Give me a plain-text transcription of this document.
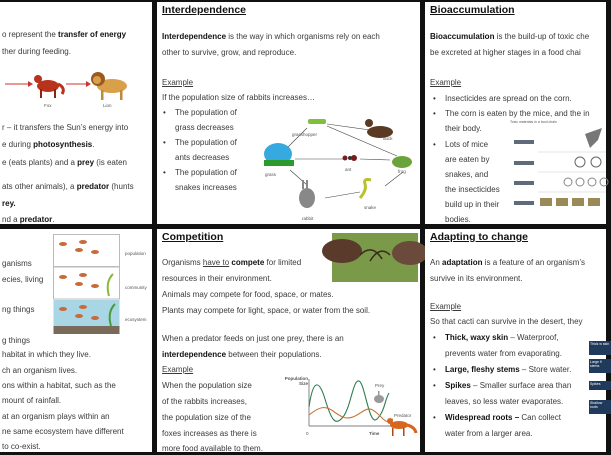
Fox	Lion
o represent the transfer of energy
ther during feeding.
r – it transfers the Sun’s energy into
e during photosynthesis.
e (eats plants) and a prey (is eaten
ats other animals), a predator (hunts
rey.
nd a predator.
Interdependence
grasshopper
duck
grass
ant	frog
rabbit
snake
Interdependence is the way in which organisms rely on each
other to survive, grow, and reproduce.
Example
If the population size of rabbits increases…
• The population of
grass decreases
• The population of
ants decreases
• The population of
snakes increases
Bioaccumulation
Toxic materials in a food chain
Bioaccumulation is the build-up of toxic che
be excreted at higher stages in a food chai
Example
• Insecticides are spread on the corn.
• The corn is eaten by the mice, and the in
their body.
• Lots of mice
are eaten by
snakes, and
the insecticides
build up in their
bodies.
population
community
ecosystem
ganisms
ecies, living
ng things
g things
habitat in which they live.
ch an organism lives.
ons within a habitat, such as the
mount of rainfall.
at an organism plays within an
ne same ecosystem have different
to co-exist.
Competition
Population Size	Prey
Predator
0	Time
Organisms have to compete for limited
resources in their environment.
Animals may compete for food, space, or mates.
Plants may compete for light, space, or water from the soil.
When a predator feeds on just one prey, there is an
interdependence between their populations.
Example
When the population size
of the rabbits increases,
the population size of the
foxes increases as there is
more food available to them.
Adapting to change
Thick w skin
Large fl stems
Spikes
Shallow roots
An adaptation is a feature of an organism’s
survive in its environment.
Example
So that cacti can survive in the desert, they
• Thick, waxy skin – Waterproof,
prevents water from evaporating.
• Large, fleshy stems – Store water.
• Spikes – Smaller surface area than
leaves, so less water evaporates.
• Widespread roots – Can collect
water from a larger area.
